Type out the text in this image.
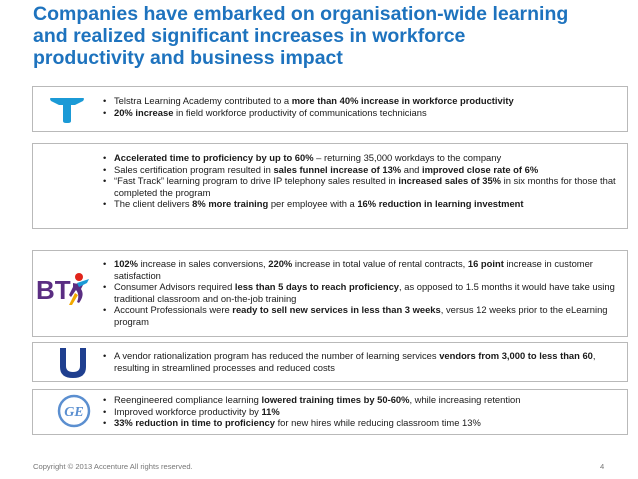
Companies have embarked on organisation-wide learning
and realized significant increases in workforce
productivity and business impact
• Telstra Learning Academy contributed to a more than 40% increase in workforce productivity
• 20% increase in field workforce productivity of communications technicians
• Accelerated time to proficiency by up to 60% – returning 35,000 workdays to the company
• Sales certification program resulted in sales funnel increase of 13% and improved close rate of 6%
• “Fast Track” learning program to drive IP telephony sales resulted in increased sales of 35% in six months for those that completed the program
• The client delivers 8% more training per employee with a 16% reduction in learning investment
BT
• 102% increase in sales conversions, 220% increase in total value of rental contracts, 16 point increase in customer satisfaction
• Consumer Advisors required less than 5 days to reach proficiency, as opposed to 1.5 months it would have take using traditional classroom and on-the-job training
• Account Professionals were ready to sell new services in less than 3 weeks, versus 12 weeks prior to the eLearning program
• A vendor rationalization program has reduced the number of learning services vendors from 3,000 to less than 60, resulting in streamlined processes and reduced costs
GE
• Reengineered compliance learning lowered training times by 50-60%, while increasing retention
• Improved workforce productivity by 11%
• 33% reduction in time to proficiency for new hires while reducing classroom time 13%
Copyright © 2013 Accenture All rights reserved.	4
